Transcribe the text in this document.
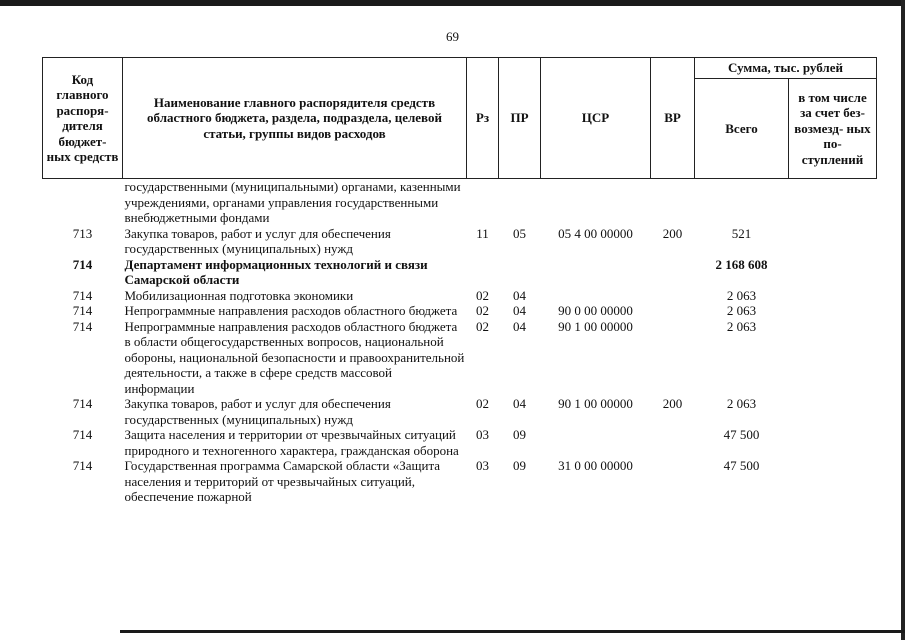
69
Код главного распоря- дителя бюджет- ных средств	Наименование главного распорядителя средств областного бюджета, раздела, подраздела, целевой статьи, группы видов расходов	Рз	ПР	ЦСР	ВР	Сумма, тыс. рублей	
						Всего	в том числе за счет без- возмезд- ных по- ступлений
	государственными (муниципальными) органами, казенными учреждениями, органами управления государственными внебюджетными фондами						
713	Закупка товаров, работ и услуг для обеспечения государственных (муниципальных) нужд	11	05	05 4 00 00000	200	521	
714	Департамент информационных технологий и связи Самарской области					2 168 608	
714	Мобилизационная подготовка экономики	02	04			2 063	
714	Непрограммные направления расходов областного бюджета	02	04	90 0 00 00000		2 063	
714	Непрограммные направления расходов областного бюджета в области общегосударственных вопросов, национальной обороны, национальной безопасности и правоохранительной деятельности, а также в сфере средств массовой информации	02	04	90 1 00 00000		2 063	
714	Закупка товаров, работ и услуг для обеспечения государственных (муниципальных) нужд	02	04	90 1 00 00000	200	2 063	
714	Защита населения и территории от чрезвычайных ситуаций природного и техногенного характера, гражданская оборона	03	09			47 500	
714	Государственная программа Самарской области «Защита населения и территорий от чрезвычайных ситуаций, обеспечение пожарной	03	09	31 0 00 00000		47 500	
